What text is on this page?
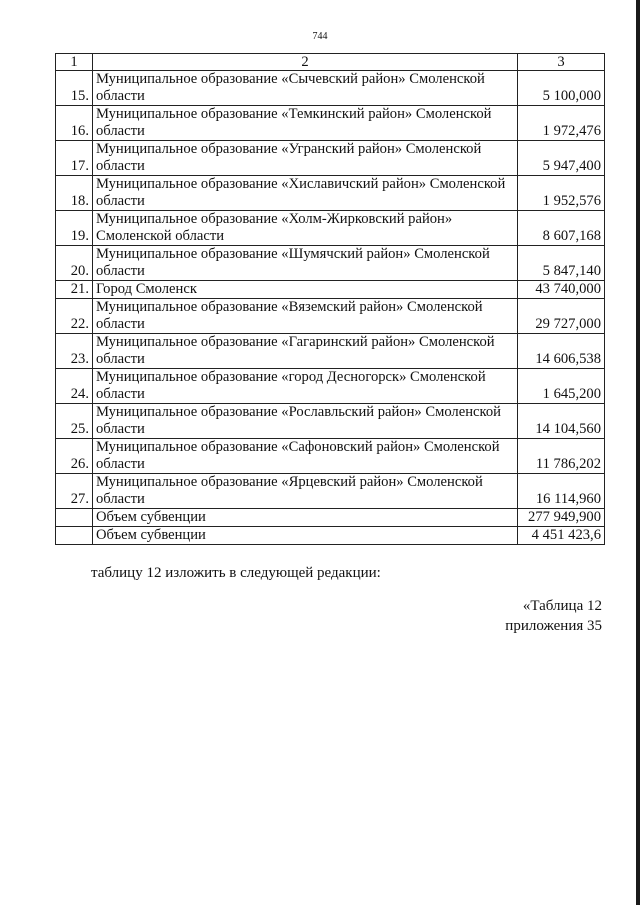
744
1	2	3
15.	Муниципальное образование «Сычевский район» Смоленской области	5 100,000
16.	Муниципальное образование «Темкинский район» Смоленской области	1 972,476
17.	Муниципальное образование «Угранский район» Смоленской области	5 947,400
18.	Муниципальное образование «Хиславичский район» Смоленской области	1 952,576
19.	Муниципальное образование «Холм-Жирковский район» Смоленской области	8 607,168
20.	Муниципальное образование «Шумячский район» Смоленской области	5 847,140
21.	Город Смоленск	43 740,000
22.	Муниципальное образование «Вяземский район» Смоленской области	29 727,000
23.	Муниципальное образование «Гагаринский район» Смоленской области	14 606,538
24.	Муниципальное образование «город Десногорск» Смоленской области	1 645,200
25.	Муниципальное образование «Рославльский район» Смоленской области	14 104,560
26.	Муниципальное образование «Сафоновский район» Смоленской области	11 786,202
27.	Муниципальное образование «Ярцевский район» Смоленской области	16 114,960
	Объем субвенции	277 949,900
	Объем субвенции	4 451 423,6
таблицу 12 изложить в следующей редакции:
«Таблица 12
приложения 35
